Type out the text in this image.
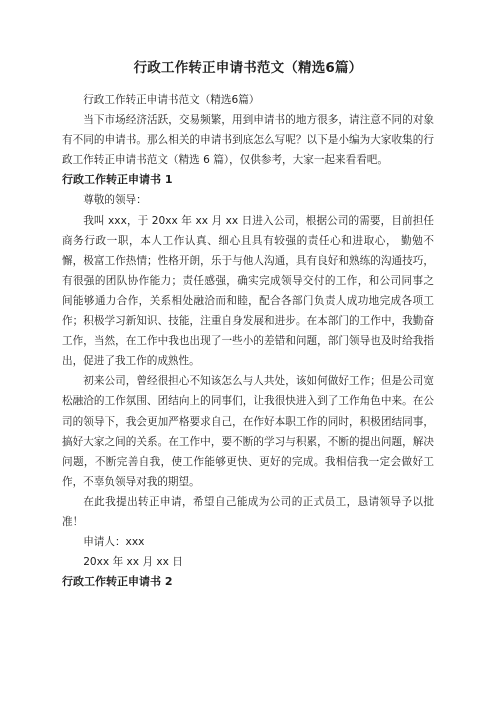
行政工作转正申请书范文（精选6篇）

行政工作转正申请书范文（精选6篇）

当下市场经济活跃，交易频繁，用到申请书的地方很多，请注意不同的对象有不同的申请书。那么相关的申请书到底怎么写呢？以下是小编为大家收集的行政工作转正申请书范文（精选 6 篇），仅供参考，大家一起来看看吧。

行政工作转正申请书 1

尊敬的领导：

我叫 xxx，于 20xx 年 xx 月 xx 日进入公司，根据公司的需要，目前担任商务行政一职，本人工作认真、细心且具有较强的责任心和进取心， 勤勉不懈，极富工作热情；性格开朗，乐于与他人沟通，具有良好和熟练的沟通技巧，有很强的团队协作能力；责任感强，确实完成领导交付的工作，和公司同事之 间能够通力合作，关系相处融洽而和睦，配合各部门负责人成功地完成各项工作；积极学习新知识、技能，注重自身发展和进步。在本部门的工作中，我勤奋工作，当然，在工作中我也出现了一些小的差错和问题，部门领导也及时给我指出，促进了我工作的成熟性。

初来公司，曾经很担心不知该怎么与人共处，该如何做好工作；但是公司宽松融洽的工作氛围、团结向上的同事们，让我很快进入到了工作角色中来。在公司的领导下，我会更加严格要求自己，在作好本职工作的同时，积极团结同事，搞好大家之间的关系。在工作中，要不断的学习与积累，不断的提出问题，解决问题，不断完善自我，使工作能够更快、更好的完成。我相信我一定会做好工作，不辜负领导对我的期望。

在此我提出转正申请，希望自己能成为公司的正式员工，恳请领导予以批准！

申请人：xxx

20xx 年 xx 月 xx 日

行政工作转正申请书 2
